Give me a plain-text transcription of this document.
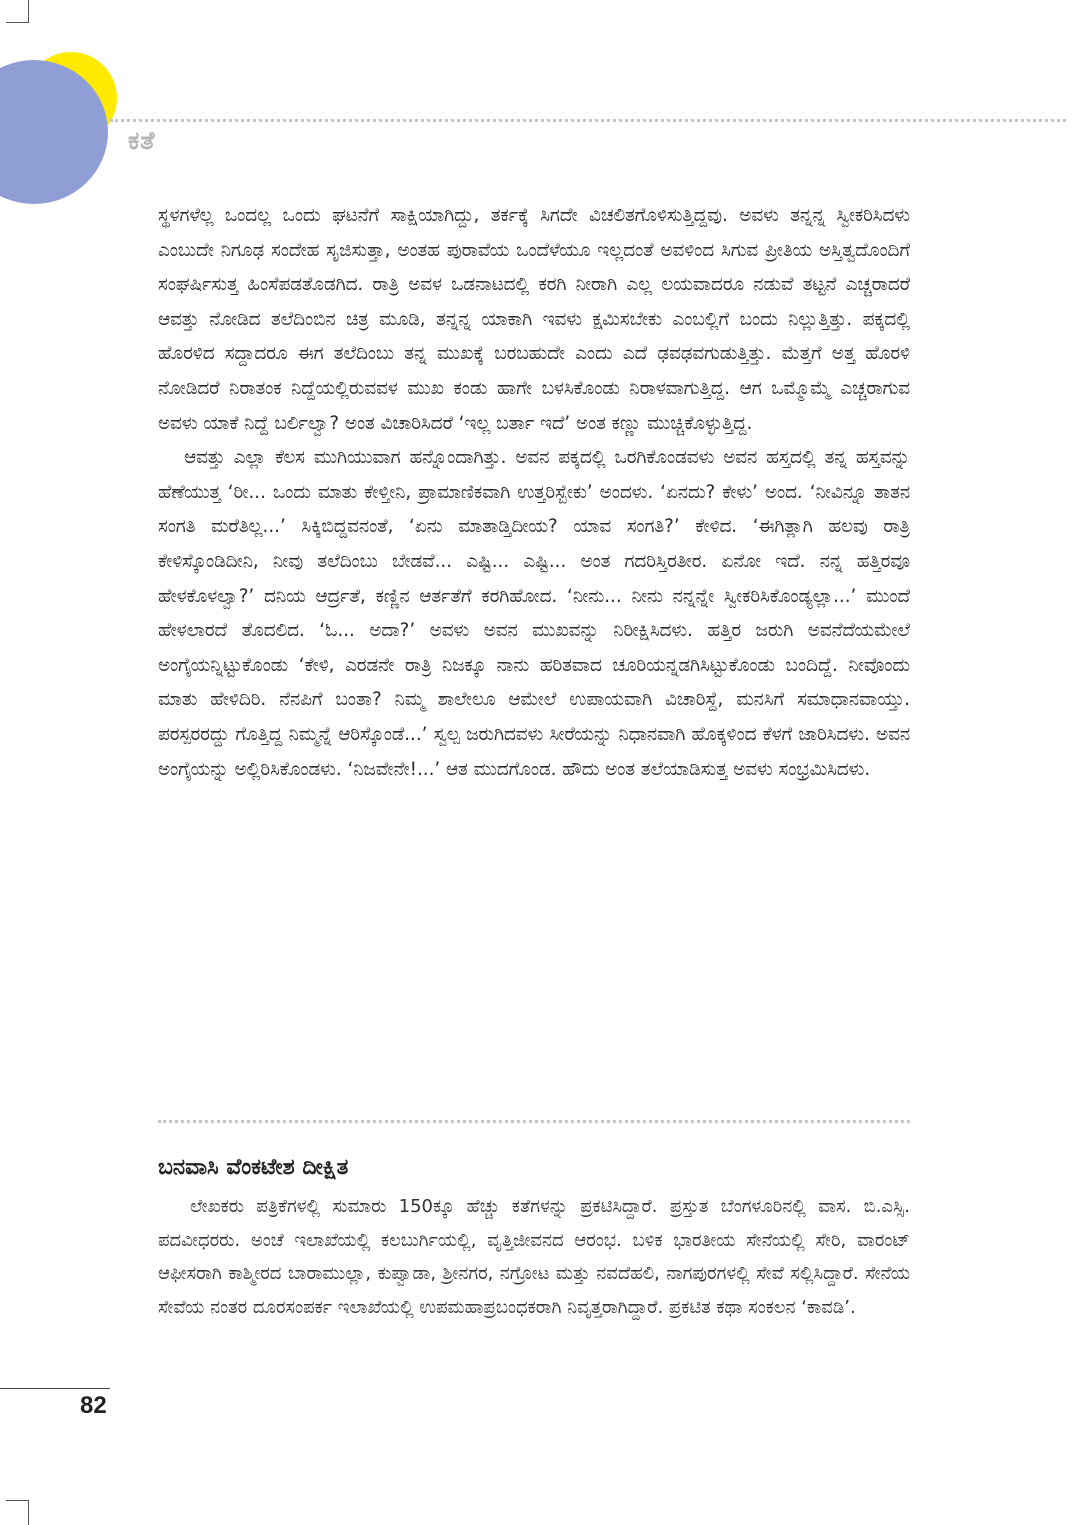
ಕತೆ

ಸ್ಥಳಗಳೆಲ್ಲ ಒಂದಲ್ಲ ಒಂದು ಘಟನೆಗೆ ಸಾಕ್ಷಿಯಾಗಿದ್ದು, ತರ್ಕಕ್ಕೆ ಸಿಗದೇ ವಿಚಲಿತಗೊಳಿಸುತ್ತಿದ್ದವು. ಅವಳು ತನ್ನನ್ನ ಸ್ವೀಕರಿಸಿದಳು ಎಂಬುದೇ ನಿಗೂಢ ಸಂದೇಹ ಸೃಜಿಸುತ್ತಾ, ಅಂತಹ ಪುರಾವೆಯ ಒಂದೆಳೆಯೂ ಇಲ್ಲದಂತೆ ಅವಳಿಂದ ಸಿಗುವ ಪ್ರೀತಿಯ ಅಸ್ತಿತ್ವದೊಂದಿಗೆ ಸಂಘರ್ಷಿಸುತ್ತ ಹಿಂಸೆಪಡತೊಡಗಿದ. ರಾತ್ರಿ ಅವಳ ಒಡನಾಟದಲ್ಲಿ ಕರಗಿ ನೀರಾಗಿ ಎಲ್ಲ ಲಯವಾದರೂ ನಡುವೆ ತಟ್ಟನೆ ಎಚ್ಚರಾದರೆ ಆವತ್ತು ನೋಡಿದ ತಲೆದಿಂಬಿನ ಚಿತ್ರ ಮೂಡಿ, ತನ್ನನ್ನ ಯಾಕಾಗಿ ಇವಳು ಕ್ಷಮಿಸಬೇಕು ಎಂಬಲ್ಲಿಗೆ ಬಂದು ನಿಲ್ಲುತ್ತಿತ್ತು. ಪಕ್ಕದಲ್ಲಿ ಹೊರಳಿದ ಸದ್ದಾದರೂ ಈಗ ತಲೆದಿಂಬು ತನ್ನ ಮುಖಕ್ಕೆ ಬರಬಹುದೇ ಎಂದು ಎದೆ ಢವಢವಗುಡುತ್ತಿತ್ತು. ಮೆತ್ತಗೆ ಅತ್ತ ಹೊರಳಿ ನೋಡಿದರೆ ನಿರಾತಂಕ ನಿದ್ದೆಯಲ್ಲಿರುವವಳ ಮುಖ ಕಂಡು ಹಾಗೇ ಬಳಸಿಕೊಂಡು ನಿರಾಳವಾಗುತ್ತಿದ್ದ. ಆಗ ಒಮ್ಮೊಮ್ಮೆ ಎಚ್ಚರಾಗುವ ಅವಳು ಯಾಕೆ ನಿದ್ದೆ ಬರ್ಲಿಲ್ವಾ? ಅಂತ ವಿಚಾರಿಸಿದರೆ ‘ಇಲ್ಲ ಬರ್ತಾ ಇದೆ’ ಅಂತ ಕಣ್ಣು ಮುಚ್ಚಿಕೊಳ್ಳುತ್ತಿದ್ದ.

ಆವತ್ತು ಎಲ್ಲಾ ಕೆಲಸ ಮುಗಿಯುವಾಗ ಹನ್ನೊಂದಾಗಿತ್ತು. ಅವನ ಪಕ್ಕದಲ್ಲಿ ಒರಗಿಕೊಂಡವಳು ಅವನ ಹಸ್ತದಲ್ಲಿ ತನ್ನ ಹಸ್ತವನ್ನು ಹೆಣೆಯುತ್ತ ‘ರೀ... ಒಂದು ಮಾತು ಕೇಳ್ತೀನಿ, ಪ್ರಾಮಾಣಿಕವಾಗಿ ಉತ್ತರಿಸ್ಬೇಕು’ ಅಂದಳು. ‘ಏನದು? ಕೇಳು’ ಅಂದ. ‘ನೀವಿನ್ನೂ ತಾತನ ಸಂಗತಿ ಮರೆತಿಲ್ಲ...’ ಸಿಕ್ಕಿಬಿದ್ದವನಂತೆ, ‘ಏನು ಮಾತಾಡ್ತಿದೀಯ? ಯಾವ ಸಂಗತಿ?’ ಕೇಳಿದ. ‘ಈಗಿತ್ಲಾಗಿ ಹಲವು ರಾತ್ರಿ ಕೇಳಿಸ್ಕೊಂಡಿದೀನಿ, ನೀವು ತಲೆದಿಂಬು ಬೇಡವೆ... ಎಷ್ಟಿ... ಎಷ್ಟಿ... ಅಂತ ಗದರಿಸ್ತಿರತೀರ. ಏನೋ ಇದೆ. ನನ್ನ ಹತ್ತಿರವೂ ಹೇಳಕೊಳಲ್ವಾ?’ ದನಿಯ ಆರ್ದ್ರತೆ, ಕಣ್ಣಿನ ಆರ್ತತೆಗೆ ಕರಗಿಹೋದ. ‘ನೀನು... ನೀನು ನನ್ನನ್ನೇ ಸ್ವೀಕರಿಸಿಕೊಂಡ್ಯಲ್ಲಾ...’ ಮುಂದೆ ಹೇಳಲಾರದೆ ತೊದಲಿದ. ‘ಓ... ಅದಾ?’ ಅವಳು ಅವನ ಮುಖವನ್ನು ನಿರೀಕ್ಷಿಸಿದಳು. ಹತ್ತಿರ ಜರುಗಿ ಅವನೆದೆಯಮೇಲೆ ಅಂಗೈಯನ್ನಿಟ್ಟುಕೊಂಡು ‘ಕೇಳಿ, ಎರಡನೇ ರಾತ್ರಿ ನಿಜಕ್ಕೂ ನಾನು ಹರಿತವಾದ ಚೂರಿಯನ್ನಡಗಿಸಿಟ್ಟುಕೊಂಡು ಬಂದಿದ್ದೆ. ನೀವೊಂದು ಮಾತು ಹೇಳಿದಿರಿ. ನೆನಪಿಗೆ ಬಂತಾ? ನಿಮ್ಮ ಶಾಲೇಲೂ ಆಮೇಲೆ ಉಪಾಯವಾಗಿ ವಿಚಾರಿಸ್ದೆ, ಮನಸಿಗೆ ಸಮಾಧಾನವಾಯ್ತು. ಪರಸ್ಪರರದ್ದು ಗೊತ್ತಿದ್ದ ನಿಮ್ಮನ್ನೆ ಆರಿಸ್ಕೊಂಡೆ...’ ಸ್ವಲ್ಪ ಜರುಗಿದವಳು ಸೀರೆಯನ್ನು ನಿಧಾನವಾಗಿ ಹೊಕ್ಕಳಿಂದ ಕೆಳಗೆ ಜಾರಿಸಿದಳು. ಅವನ ಅಂಗೈಯನ್ನು ಅಲ್ಲಿರಿಸಿಕೊಂಡಳು. ‘ನಿಜವೇನೇ!...’ ಆತ ಮುದಗೊಂಡ. ಹೌದು ಅಂತ ತಲೆಯಾಡಿಸುತ್ತ ಅವಳು ಸಂಭ್ರಮಿಸಿದಳು.

ಬನವಾಸಿ ವೆಂಕಟೇಶ ದೀಕ್ಷಿತ

ಲೇಖಕರು ಪತ್ರಿಕೆಗಳಲ್ಲಿ ಸುಮಾರು 150ಕ್ಕೂ ಹೆಚ್ಚು ಕತೆಗಳನ್ನು ಪ್ರಕಟಿಸಿದ್ದಾರೆ. ಪ್ರಸ್ತುತ ಬೆಂಗಳೂರಿನಲ್ಲಿ ವಾಸ. ಬಿ.ಎಸ್ಸಿ. ಪದವೀಧರರು. ಅಂಚೆ ಇಲಾಖೆಯಲ್ಲಿ ಕಲಬುರ್ಗಿಯಲ್ಲಿ, ವೃತ್ತಿಜೀವನದ ಆರಂಭ. ಬಳಿಕ ಭಾರತೀಯ ಸೇನೆಯಲ್ಲಿ ಸೇರಿ, ವಾರಂಟ್ ಆಫೀಸರಾಗಿ ಕಾಶ್ಮೀರದ ಬಾರಾಮುಲ್ಲಾ, ಕುಪ್ವಾಡಾ, ಶ್ರೀನಗರ, ನಗ್ರೋಟ ಮತ್ತು ನವದೆಹಲಿ, ನಾಗಪುರಗಳಲ್ಲಿ ಸೇವೆ ಸಲ್ಲಿಸಿದ್ದಾರೆ. ಸೇನೆಯ ಸೇವೆಯ ನಂತರ ದೂರಸಂಪರ್ಕ ಇಲಾಖೆಯಲ್ಲಿ ಉಪಮಹಾಪ್ರಬಂಧಕರಾಗಿ ನಿವೃತ್ತರಾಗಿದ್ದಾರೆ. ಪ್ರಕಟಿತ ಕಥಾ ಸಂಕಲನ ‘ಕಾವಡಿ’.

82
